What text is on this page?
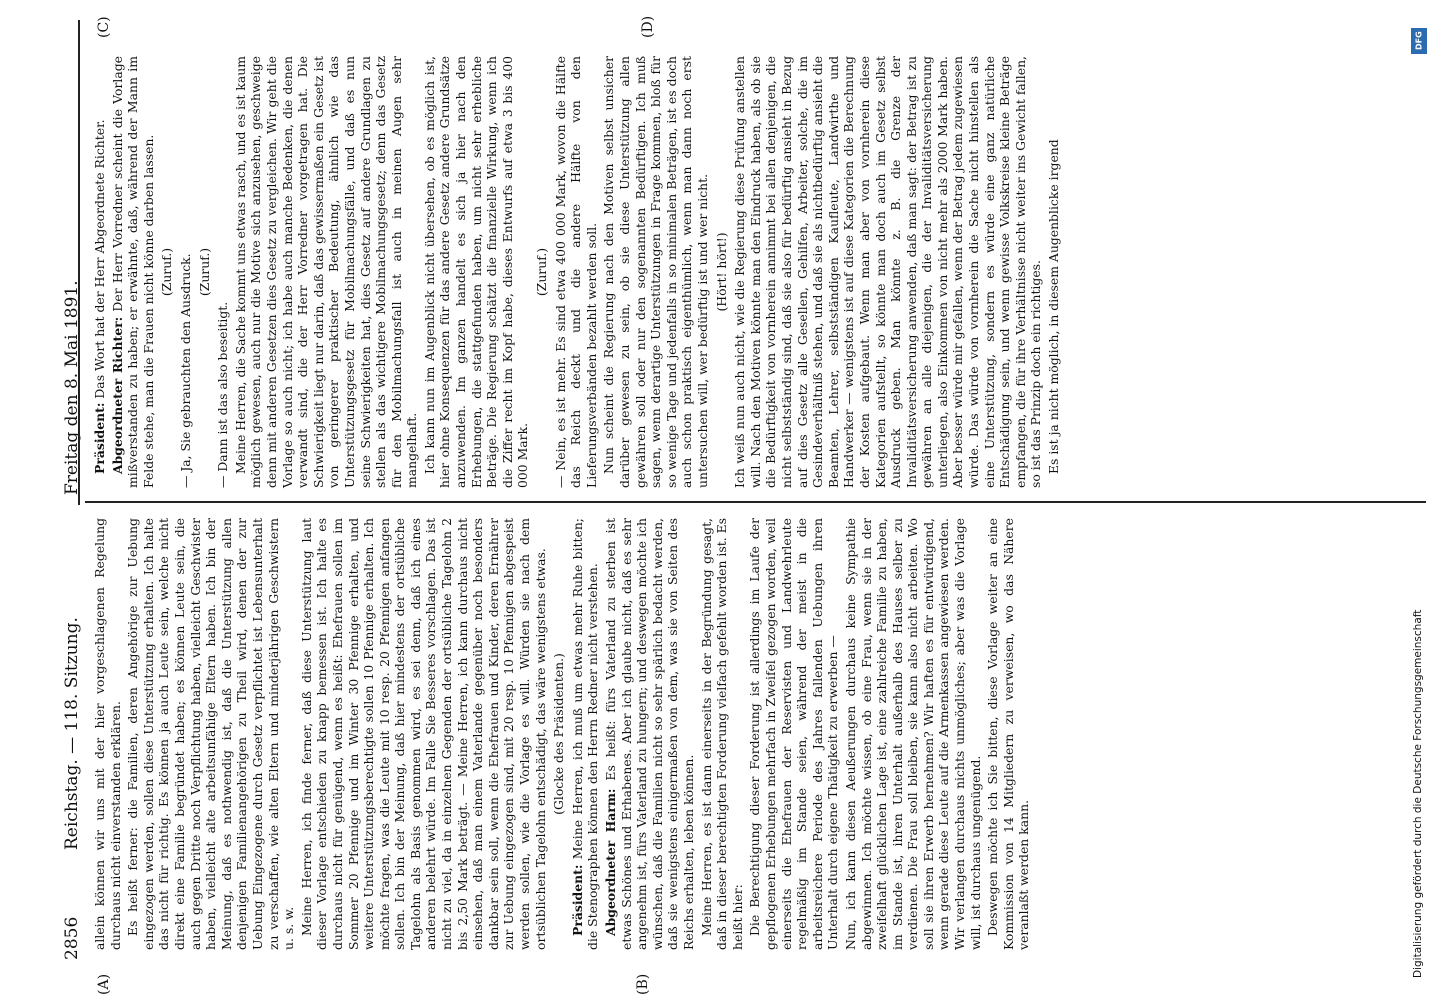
2856
Reichstag. — 118. Sitzung.
Freitag den 8. Mai 1891.
(A)	(B)
(C)	(D)

allein können wir uns mit der hier vorgeschlagenen Regelung durchaus nicht einverstanden erklären. Es heißt ferner: die Familien, deren Angehörige zur Uebung eingezogen werden, sollen diese Unterstützung erhalten. Ich halte das nicht für richtig. Es können ja auch Leute sein, welche nicht direkt eine Familie begründet haben; es können Leute sein, die auch gegen Dritte noch Verpflichtung haben, vielleicht Geschwister haben, vielleicht alte arbeitsunfähige Eltern haben. Ich bin der Meinung, daß es nothwendig ist, daß die Unterstützung allen denjenigen Familienangehörigen zu Theil wird, denen der zur Uebung Eingezogene durch Gesetz verpflichtet ist Lebensunterhalt zu verschaffen, wie alten Eltern und minderjährigen Geschwistern u. s. w. Meine Herren, ich finde ferner, daß diese Unterstützung laut dieser Vorlage entschieden zu knapp bemessen ist. Ich halte es durchaus nicht für genügend, wenn es heißt: Ehefrauen sollen im Sommer 20 Pfennige und im Winter 30 Pfennige erhalten, und weitere Unterstützungsberechtigte sollen 10 Pfennige erhalten. Ich möchte fragen, was die Leute mit 10 resp. 20 Pfennigen anfangen sollen. Ich bin der Meinung, daß hier mindestens der ortsübliche Tagelohn als Basis genommen wird, es sei denn, daß ich eines anderen belehrt würde. Im Falle Sie Besseres vorschlagen. Das ist nicht zu viel, da in einzelnen Gegenden der ortsübliche Tagelohn 2 bis 2,50 Mark beträgt. — Meine Herren, ich kann durchaus nicht einsehen, daß man einem Vaterlande gegenüber noch besonders dankbar sein soll, wenn die Ehefrauen und Kinder, deren Ernährer zur Uebung eingezogen sind, mit 20 resp. 10 Pfennigen abgespeist werden sollen, wie die Vorlage es will. Würden sie nach dem ortsüblichen Tagelohn entschädigt, das wäre wenigstens etwas. (Glocke des Präsidenten.)

Präsident: Meine Herren, ich muß um etwas mehr Ruhe bitten; die Stenographen können den Herrn Redner nicht verstehen. Abgeordneter Harm: Es heißt: fürs Vaterland zu sterben ist etwas Schönes und Erhabenes. Aber ich glaube nicht, daß es sehr angenehm ist, fürs Vaterland zu hungern; und deswegen möchte ich wünschen, daß die Familien nicht so sehr spärlich bedacht werden, daß sie wenigstens einigermaßen von dem, was sie von Seiten des Reichs erhalten, leben können. Meine Herren, es ist dann einerseits in der Begründung gesagt, daß in dieser berechtigten Forderung vielfach gefehlt worden ist. Es heißt hier: Die Berechtigung dieser Forderung ist allerdings im Laufe der gepflogenen Erhebungen mehrfach in Zweifel gezogen worden, weil einerseits die Ehefrauen der Reservisten und Landwehrleute regelmäßig im Stande seien, während der meist in die arbeitsreichere Periode des Jahres fallenden Uebungen ihren Unterhalt durch eigene Thätigkeit zu erwerben — Nun, ich kann diesen Aeußerungen durchaus keine Sympathie abgewinnen. Ich möchte wissen, ob eine Frau, wenn sie in der zweifelhaft glücklichen Lage ist, eine zahlreiche Familie zu haben, im Stande ist, ihren Unterhalt außerhalb des Hauses selber zu verdienen. Die Frau soll bleiben, sie kann also nicht arbeiten. Wo soll sie ihren Erwerb hernehmen? Wir haften es für entwürdigend, wenn gerade diese Leute auf die Armenkassen angewiesen werden. Wir verlangen durchaus nichts unmögliches; aber was die Vorlage will, ist durchaus ungenügend. Deswegen möchte ich Sie bitten, diese Vorlage weiter an eine Kommission von 14 Mitgliedern zu verweisen, wo das Nähere veranlaßt werden kann.

Präsident: Das Wort hat der Herr Abgeordnete Richter. Abgeordneter Richter: Der Herr Vorredner scheint die Vorlage mißverstanden zu haben; er erwähnte, daß, während der Mann im Felde stehe, man die Frauen nicht könne darben lassen. (Zuruf.) — Ja, Sie gebrauchten den Ausdruck. (Zuruf.)

— Dann ist das also beseitigt. Meine Herren, die Sache kommt uns etwas rasch, und es ist kaum möglich gewesen, auch nur die Motive sich anzusehen, geschweige denn mit anderen Gesetzen dies Gesetz zu vergleichen. Wir geht die Vorlage so auch nicht; ich habe auch manche Bedenken, die denen verwandt sind, die der Herr Vorredner vorgetragen hat. Die Schwierigkeit liegt nur darin, daß das gewissermaßen ein Gesetz ist von geringerer praktischer Bedeutung, ähnlich wie das Unterstützungsgesetz für Mobilmachungsfälle, und daß es nun seine Schwierigkeiten hat, dies Gesetz auf andere Grundlagen zu stellen als das wichtigere Mobilmachungsgesetz; denn das Gesetz für den Mobilmachungsfall ist auch in meinen Augen sehr mangelhaft. Ich kann nun im Augenblick nicht übersehen, ob es möglich ist, hier ohne Konsequenzen für das andere Gesetz andere Grundsätze anzuwenden. Im ganzen handelt es sich ja hier nach den Erhebungen, die stattgefunden haben, um nicht sehr erhebliche Beträge. Die Regierung schätzt die finanzielle Wirkung, wenn ich die Ziffer recht im Kopf habe, dieses Entwurfs auf etwa 3 bis 400 000 Mark.

(Zuruf.) — Nein, es ist mehr. Es sind etwa 400 000 Mark, wovon die Hälfte das Reich deckt und die andere Hälfte von den Lieferungsverbänden bezahlt werden soll. Nun scheint die Regierung nach den Motiven selbst unsicher darüber gewesen zu sein, ob sie diese Unterstützung allen gewähren soll oder nur den sogenannten Bedürftigen. Ich muß sagen, wenn derartige Unterstützungen in Frage kommen, bloß für so wenige Tage und jedenfalls in so minimalen Beträgen, ist es doch auch schon praktisch eigenthümlich, wenn man dann noch erst untersuchen will, wer bedürftig ist und wer nicht. (Hört! hört!) Ich weiß nun auch nicht, wie die Regierung diese Prüfung anstellen will. Nach den Motiven könnte man den Eindruck haben, als ob sie die Bedürftigkeit von vornherein annimmt bei allen denjenigen, die nicht selbstständig sind, daß sie also für bedürftig ansieht in Bezug auf dies Gesetz alle Gesellen, Gehilfen, Arbeiter, solche, die im Gesindeverhältniß stehen, und daß sie als nichtbedürftig ansieht die Beamten, Lehrer, selbstständigen Kaufleute, Landwirthe und Handwerker — wenigstens ist auf diese Kategorien die Berechnung der Kosten aufgebaut. Wenn man aber von vornherein diese Kategorien aufstellt, so könnte man doch auch im Gesetz selbst Ausdruck geben. Man könnte z. B. die Grenze der Invaliditätsversicherung anwenden, daß man sagt: der Betrag ist zu gewähren an alle diejenigen, die der Invaliditätsversicherung unterliegen, also Einkommen von nicht mehr als 2000 Mark haben. Aber besser würde mir gefallen, wenn der Betrag jedem zugewiesen würde. Das würde von vornherein die Sache nicht hinstellen als eine Unterstützung, sondern es würde eine ganz natürliche Entschädigung sein, und wenn gewisse Volkskreise kleine Beträge empfangen, die für ihre Verhältnisse nicht weiter ins Gewicht fallen, so ist das Prinzip doch ein richtiges. Es ist ja nicht möglich, in diesem Augenblicke irgend

DFG
Digitalisierung gefördert durch die Deutsche Forschungsgemeinschaft
